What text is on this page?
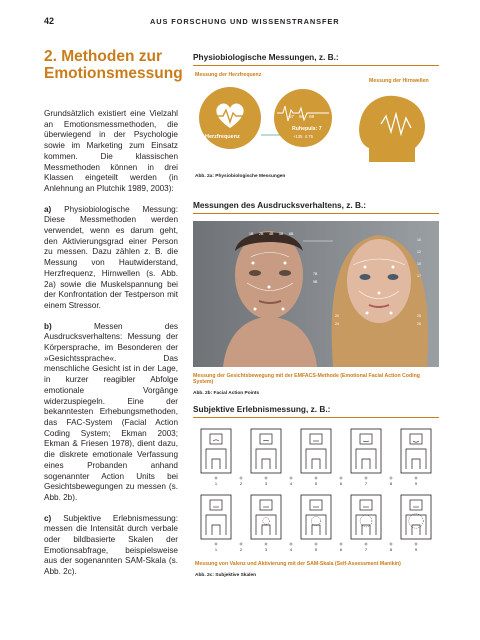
42	AUS FORSCHUNG UND WISSENSTRANSFER
2. Methoden zur
Emotionsmessung

Grundsätzlich existiert eine Vielzahl an Emotionsmessmethoden, die überwiegend in der Psychologie sowie im Marketing zum Einsatz kommen. Die klassischen Messmethoden können in drei Klassen eingeteilt werden (in Anlehnung an Plutchik 1989, 2003):

a) Physiobiologische Messung: Diese Messmethoden werden verwendet, wenn es darum geht, den Aktivierungsgrad einer Person zu messen. Dazu zählen z. B. die Messung von Hautwiderstand, Herzfrequenz, Hirnwellen (s. Abb. 2a) sowie die Muskelspannung bei der Konfrontation der Testperson mit einem Stressor.

b)	Messen des Ausdrucksverhaltens: Messung der Körpersprache, im Besonderen der »Gesichtssprache«. Das menschliche Gesicht ist in der Lage, in kurzer reagibler Abfolge emotionale Vorgänge widerzuspiegeln. Eine der bekanntesten Erhebungsmethoden, das FAC-System (Facial Action Coding System; Ekman 2003; Ekman & Friesen 1978), dient dazu, die diskrete emotionale Verfassung eines Probanden anhand sogenannter Action Units bei Gesichtsbewegungen zu messen (s. Abb. 2b).

c) Subjektive Erlebnismessung: messen die Intensität durch verbale oder bildbasierte Skalen der Emotionsabfrage, beispielsweise aus der sogenannten SAM-Skala (s. Abb. 2c).

Physiobiologische Messungen, z. B.:
Messung der Herzfrequenz
Messung der Hirnwellen
Herzfrequenz
57 68 69
Ruhepuls: 7
+135 4.75
Abb. 2a: Physiobiologische Messungen
Messungen des Ausdrucksverhaltens, z. B.:
1B 2B 4B 5B 6B
7B
9B
10
12
15
17
20
24
25
26
Messung der Gesichtsbewegung mit der EMFACS-Methode (Emotional Facial Action Coding System)
Abb. 2b: Facial Action Points
Subjektive Erlebnismessung, z. B.:
1	2	3	4	5	6	7	8	9
1	2	3	4	5	6	7	8	9
Messung von Valenz und Aktivierung mit der SAM-Skala (Self-Assessment Manikin)
Abb. 2c: Subjektive Skalen
